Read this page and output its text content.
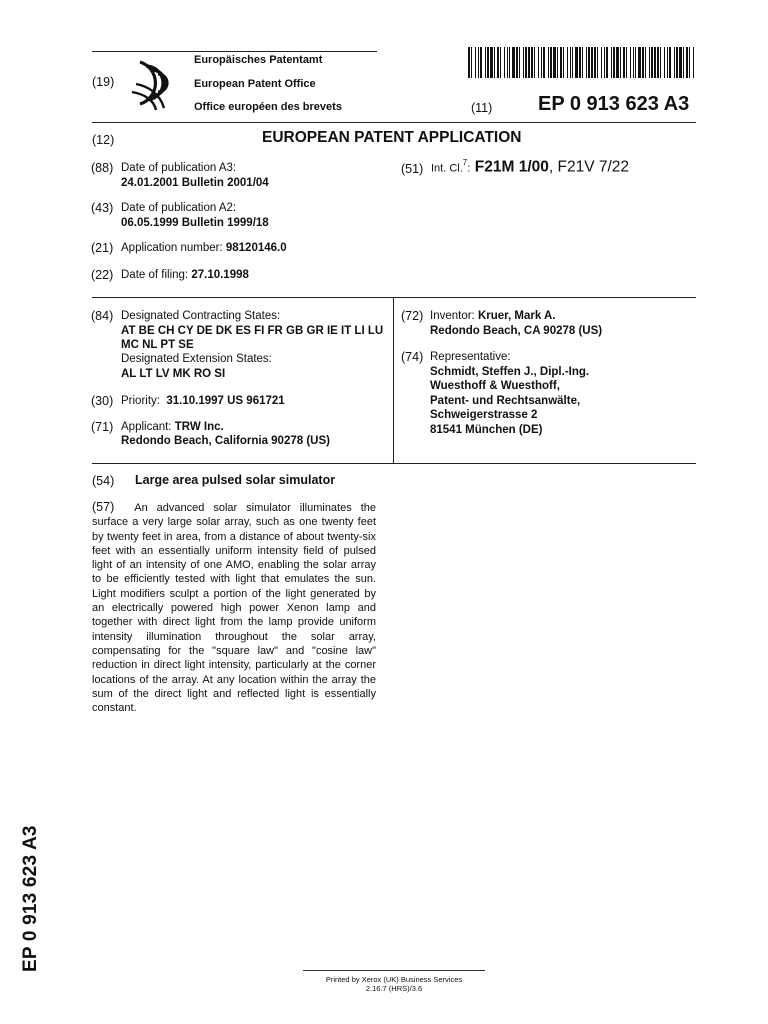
(19)
Europäisches Patentamt
European Patent Office
Office européen des brevets	(11) EP 0 913 623 A3
(12)	EUROPEAN PATENT APPLICATION
(88) Date of publication A3:
24.01.2001 Bulletin 2001/04
(43) Date of publication A2:
06.05.1999 Bulletin 1999/18
(21) Application number: 98120146.0
(22) Date of filing: 27.10.1998
(51) Int. Cl.$^7$: F21M 1/00, F21V 7/22
(84) Designated Contracting States:
AT BE CH CY DE DK ES FI FR GB GR IE IT LI LU
MC NL PT SE
Designated Extension States:
AL LT LV MK RO SI
(30) Priority: 31.10.1997 US 961721
(71) Applicant: TRW Inc.
Redondo Beach, California 90278 (US)
(72) Inventor: Kruer, Mark A.
Redondo Beach, CA 90278 (US)
(74) Representative:
Schmidt, Steffen J., Dipl.-Ing.
Wuesthoff & Wuesthoff,
Patent- und Rechtsanwälte,
Schweigerstrasse 2
81541 München (DE)
(54) Large area pulsed solar simulator
(57) An advanced solar simulator illuminates the surface a very large solar array, such as one twenty feet by twenty feet in area, from a distance of about twenty-six feet with an essentially uniform intensity field of pulsed light of an intensity of one AMO, enabling the solar array to be efficiently tested with light that emulates the sun. Light modifiers sculpt a portion of the light generated by an electrically powered high power Xenon lamp and together with direct light from the lamp provide uniform intensity illumination throughout the solar array, compensating for the "square law" and "cosine law" reduction in direct light intensity, particularly at the corner locations of the array. At any location within the array the sum of the direct light and reflected light is essentially constant.
EP 0 913 623 A3
Printed by Xerox (UK) Business Services
2.16.7 (HRS)/3.6
